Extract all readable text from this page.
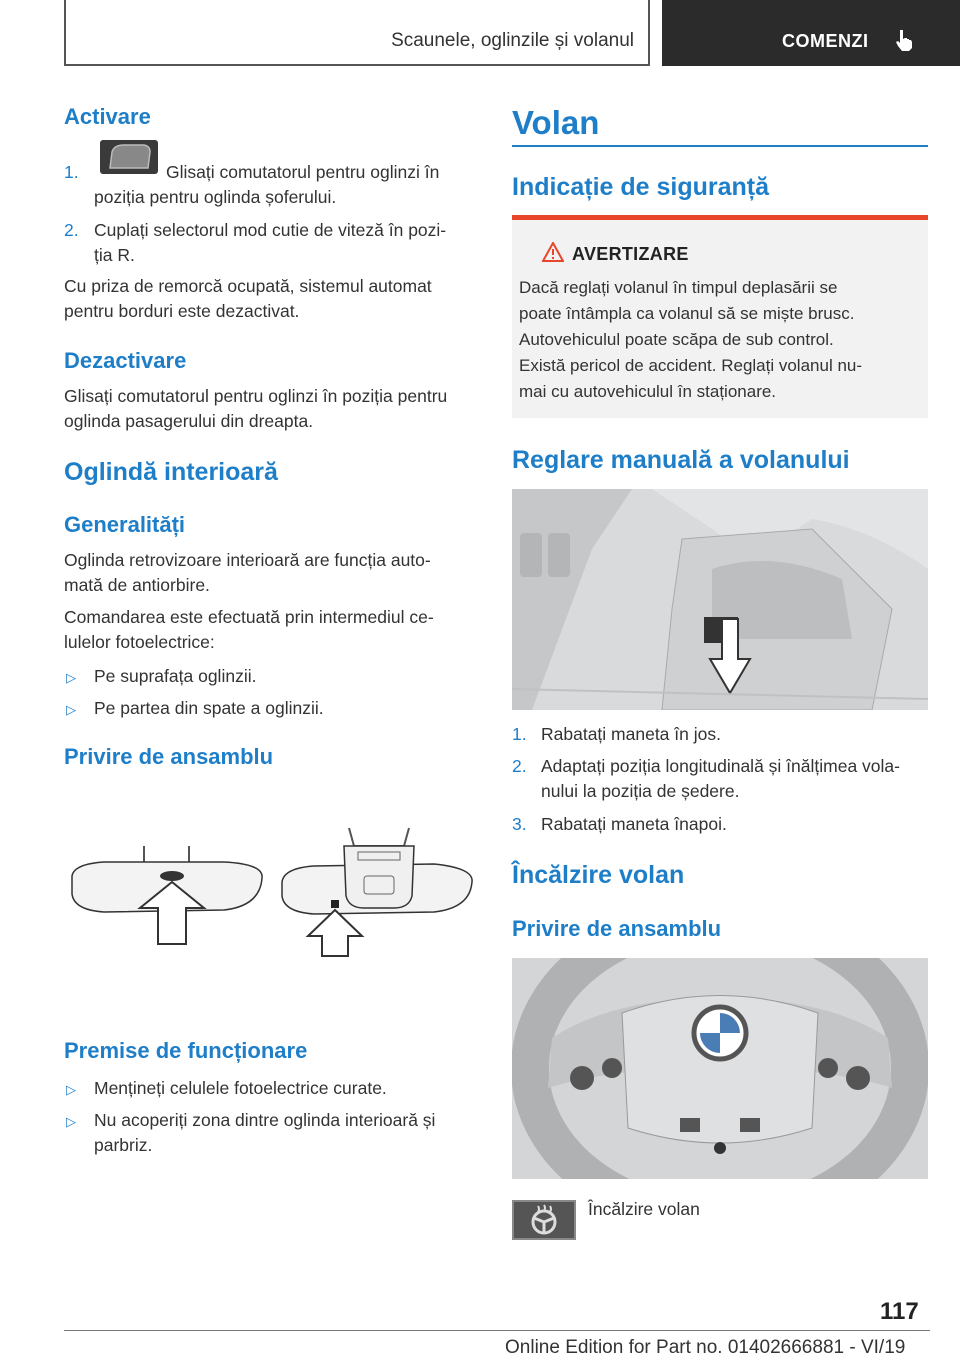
Scaunele, oglinzile și volanul	COMENZI
Activare
1.	Glisați comutatorul pentru oglinzi în
poziția pentru oglinda șoferului.
2. Cuplați selectorul mod cutie de viteză în pozi-
ția R.
Cu priza de remorcă ocupată, sistemul automat
pentru borduri este dezactivat.
Dezactivare
Glisați comutatorul pentru oglinzi în poziția pentru
oglinda pasagerului din dreapta.
Oglindă interioară
Generalități
Oglinda retrovizoare interioară are funcția auto-
mată de antiorbire.
Comandarea este efectuată prin intermediul ce-
lulelor fotoelectrice:
▷ Pe suprafața oglinzii.
▷ Pe partea din spate a oglinzii.
Privire de ansamblu
Premise de funcționare
▷ Mențineți celulele fotoelectrice curate.
▷ Nu acoperiți zona dintre oglinda interioară și
parbriz.
Volan
Indicație de siguranță
AVERTIZARE
Dacă reglați volanul în timpul deplasării se
poate întâmpla ca volanul să se miște brusc.
Autovehiculul poate scăpa de sub control.
Există pericol de accident. Reglați volanul nu-
mai cu autovehiculul în staționare.
Reglare manuală a volanului
1. Rabatați maneta în jos.
2. Adaptați poziția longitudinală și înălțimea vola-
nului la poziția de ședere.
3. Rabatați maneta înapoi.
Încălzire volan
Privire de ansamblu
Încălzire volan
117
Online Edition for Part no. 01402666881 - VI/19
